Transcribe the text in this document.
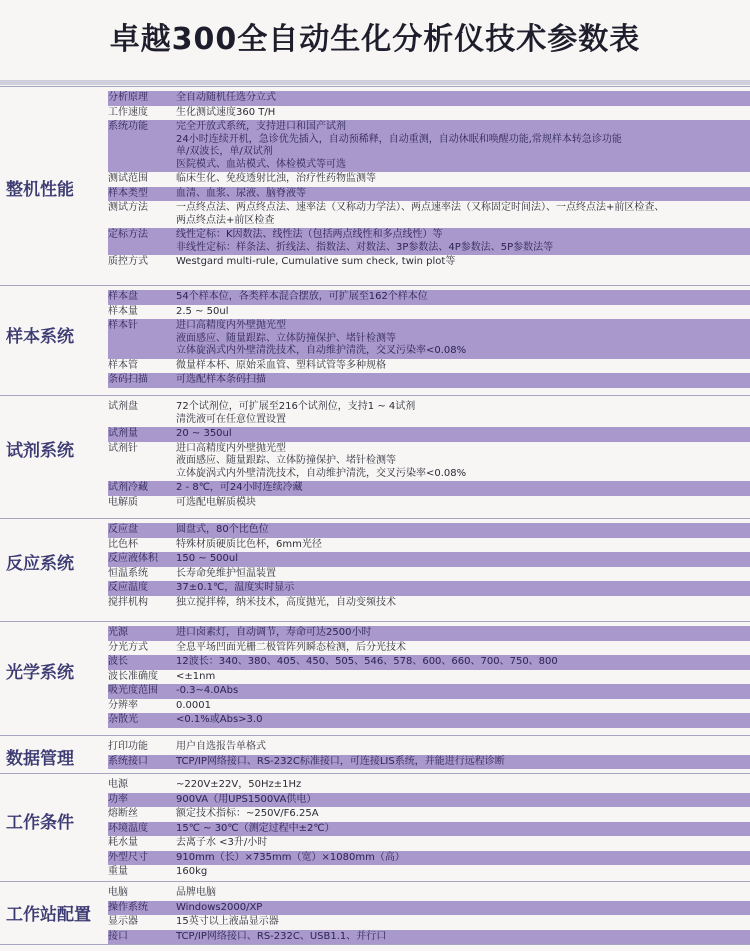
卓越300全自动生化分析仪技术参数表
整机性能
分析原理	全自动随机任选分立式
工作速度	生化测试速度360 T/H
系统功能	完全开放式系统，支持进口和国产试剂
24小时连续开机，急诊优先插入，自动预稀释，自动重测，自动休眠和唤醒功能,常规样本转急诊功能
单/双波长，单/双试剂
医院模式、血站模式、体检模式等可选
测试范围	临床生化、免疫透射比浊，治疗性药物监测等
样本类型	血清、血浆、尿液、脑脊液等
测试方法	一点终点法、两点终点法、速率法（又称动力学法）、两点速率法（又称固定时间法）、一点终点法+前区检查、
两点终点法+前区检查
定标方法	线性定标：K因数法、线性法（包括两点线性和多点线性）等
非线性定标：样条法、折线法、指数法、对数法、3P参数法、4P参数法、5P参数法等
质控方式	Westgard multi-rule, Cumulative sum check, twin plot等
样本系统
样本盘	54个样本位，各类样本混合摆放，可扩展至162个样本位
样本量	2.5 ~ 50ul
样本针	进口高精度内外壁抛光型
液面感应、随量跟踪、立体防撞保护、堵针检测等
立体旋涡式内外壁清洗技术，自动维护清洗，交叉污染率<0.08%
样本管	微量样本杯、原始采血管、塑料试管等多种规格
条码扫描	可选配样本条码扫描
试剂系统
试剂盘	72个试剂位，可扩展至216个试剂位，支持1 ~ 4试剂
清洗液可在任意位置设置
试剂量	20 ~ 350ul
试剂针	进口高精度内外壁抛光型
液面感应、随量跟踪、立体防撞保护、堵针检测等
立体旋涡式内外壁清洗技术，自动维护清洗，交叉污染率<0.08%
试剂冷藏	2 - 8℃，可24小时连续冷藏
电解质	可选配电解质模块
反应系统
反应盘	圆盘式，80个比色位
比色杯	特殊材质硬质比色杯，6mm光径
反应液体积	150 ~ 500ul
恒温系统	长寿命免维护恒温装置
反应温度	37±0.1℃，温度实时显示
搅拌机构	独立搅拌棒，纳米技术，高度抛光，自动变频技术
光学系统
光源	进口卤素灯，自动调节，寿命可达2500小时
分光方式	全息平场凹面光栅二极管阵列瞬态检测，后分光技术
波长	12波长：340、380、405、450、505、546、578、600、660、700、750、800
波长准确度	<±1nm
吸光度范围	-0.3~4.0Abs
分辨率	0.0001
杂散光	<0.1%或Abs>3.0
数据管理
打印功能	用户自选报告单格式
系统接口	TCP/IP网络接口、RS-232C标准接口，可连接LIS系统，并能进行远程诊断
工作条件
电源	~220V±22V，50Hz±1Hz
功率	900VA（用UPS1500VA供电）
熔断丝	额定技术指标：~250V/F6.25A
环境温度	15℃ ~ 30℃（测定过程中±2℃）
耗水量	去离子水 <3升/小时
外型尺寸	910mm（长）×735mm（宽）×1080mm（高）
重量	160kg
工作站配置
电脑	品牌电脑
操作系统	Windows2000/XP
显示器	15英寸以上液晶显示器
接口	TCP/IP网络接口、RS-232C、USB1.1、并行口
